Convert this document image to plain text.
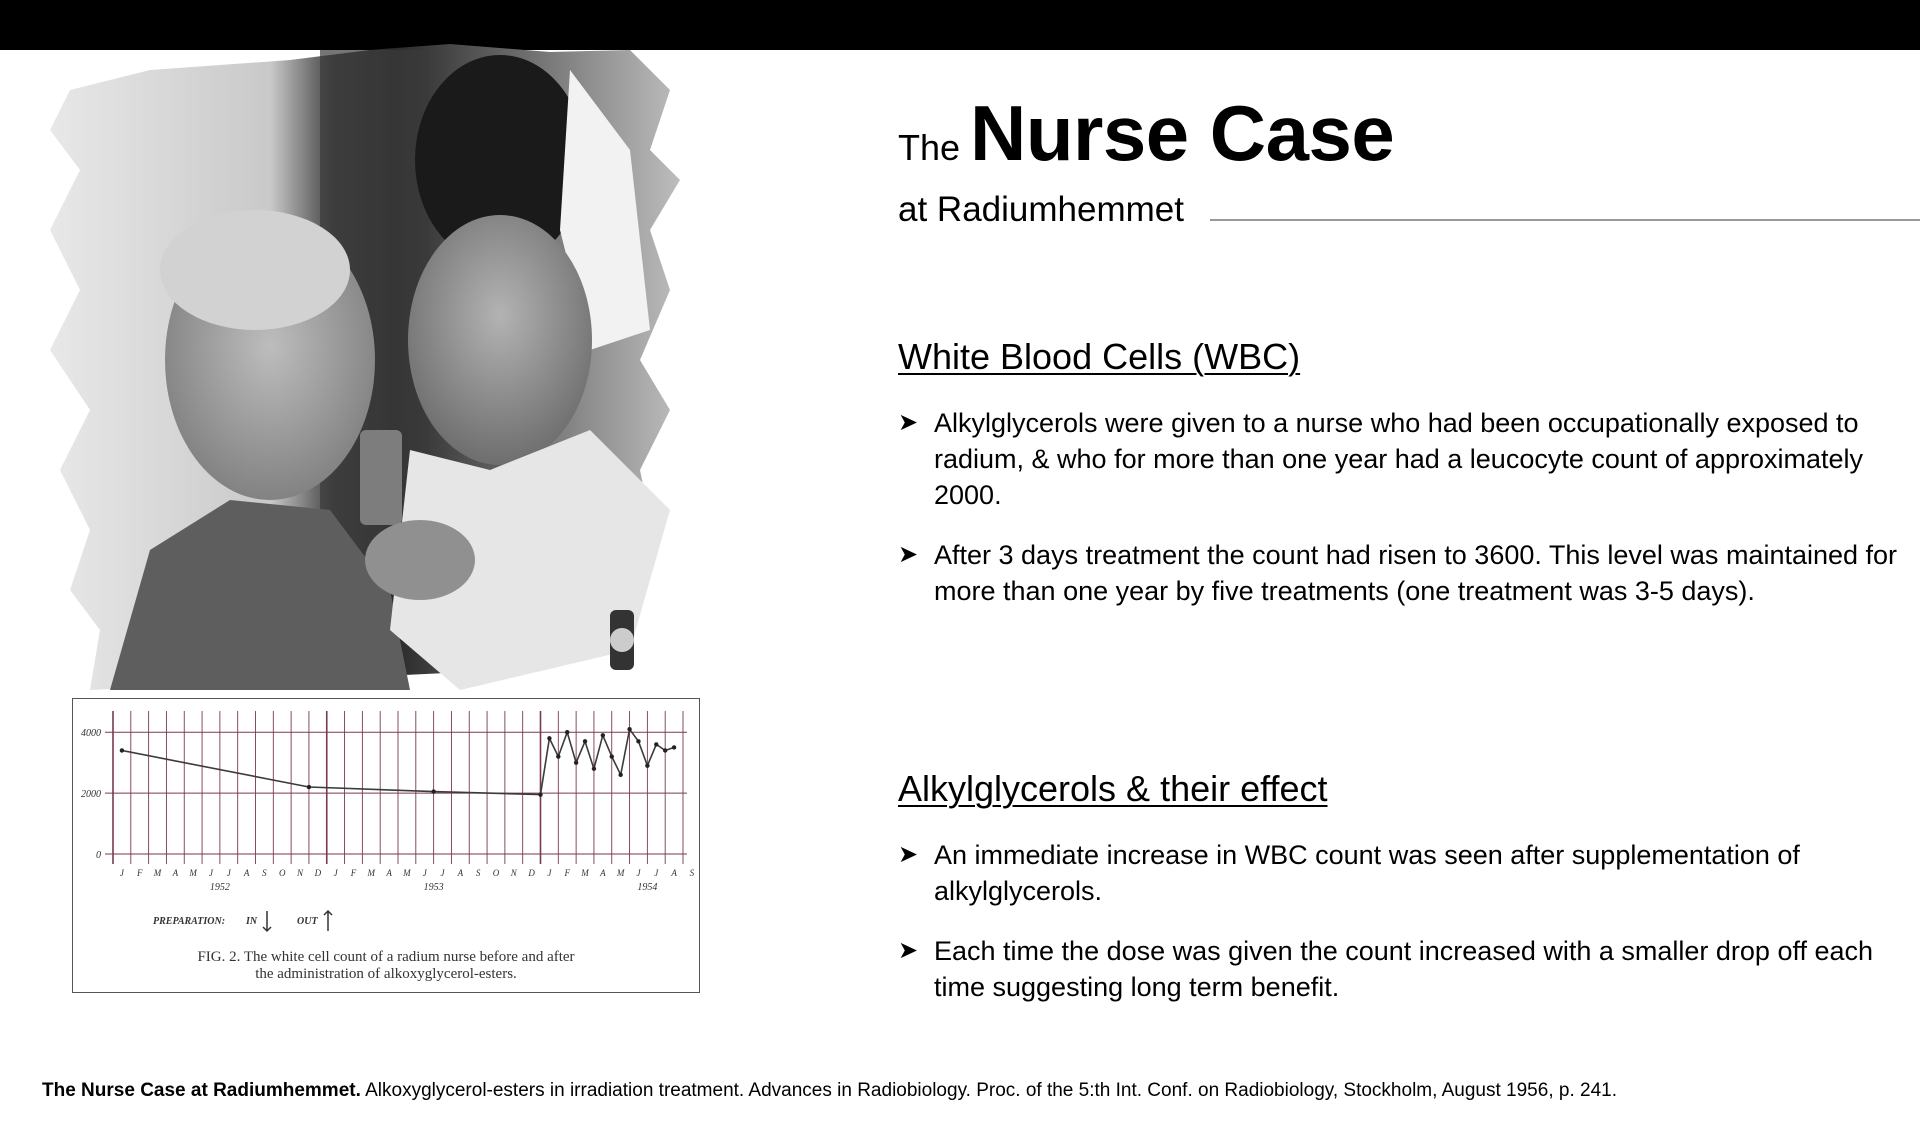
0
2000
4000
J F M A M J J A S O N D J F M A M J J A S O N D J F M A M J J A S
1952	1953	1954
PREPARATION: IN	OUT
FIG. 2. The white cell count of a radium nurse before and after
the administration of alkoxyglycerol-esters.
The Nurse Case
at Radiumhemmet
White Blood Cells (WBC)
➤ Alkylglycerols were given to a nurse who had been occupationally exposed to radium, & who for more than one year had a leucocyte count of approximately 2000.
➤ After 3 days treatment the count had risen to 3600. This level was maintained for more than one year by five treatments (one treatment was 3-5 days).
Alkylglycerols & their effect
➤ An immediate increase in WBC count was seen after supplementation of alkylglycerols.
➤ Each time the dose was given the count increased with a smaller drop off each time suggesting long term benefit.
The Nurse Case at Radiumhemmet. Alkoxyglycerol-esters in irradiation treatment. Advances in Radiobiology. Proc. of the 5:th Int. Conf. on Radiobiology, Stockholm, August 1956, p. 241.
